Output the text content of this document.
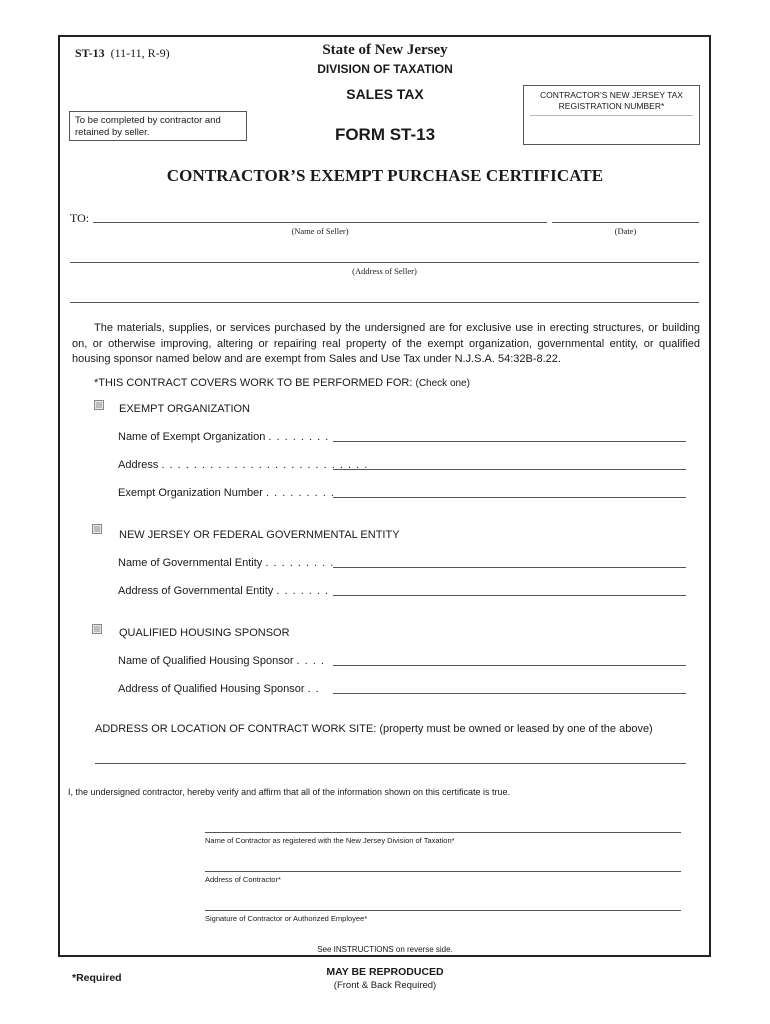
ST-13 (11-11, R-9)	State of New Jersey
DIVISION OF TAXATION
SALES TAX
FORM ST-13
CONTRACTOR’S NEW JERSEY TAX REGISTRATION NUMBER*
To be completed by contractor and retained by seller.
CONTRACTOR’S EXEMPT PURCHASE CERTIFICATE
TO:
(Name of Seller)	(Date)
(Address of Seller)
The materials, supplies, or services purchased by the undersigned are for exclusive use in erecting structures, or building on, or otherwise improving, altering or repairing real property of the exempt organization, governmental entity, or qualified housing sponsor named below and are exempt from Sales and Use Tax under N.J.S.A. 54:32B-8.22.
*THIS CONTRACT COVERS WORK TO BE PERFORMED FOR: (Check one)
EXEMPT ORGANIZATION
Name of Exempt Organization . . . . . . . .
Address . . . . . . . . . . . . . . . . . . . . . . . . . .
Exempt Organization Number . . . . . . . . .
NEW JERSEY OR FEDERAL GOVERNMENTAL ENTITY
Name of Governmental Entity . . . . . . . . .
Address of Governmental Entity . . . . . . .
QUALIFIED HOUSING SPONSOR
Name of Qualified Housing Sponsor . . . .
Address of Qualified Housing Sponsor . .
ADDRESS OR LOCATION OF CONTRACT WORK SITE: (property must be owned or leased by one of the above)
I, the undersigned contractor, hereby verify and affirm that all of the information shown on this certificate is true.
Name of Contractor as registered with the New Jersey Division of Taxation*
Address of Contractor*
Signature of Contractor or Authorized Employee*
See INSTRUCTIONS on reverse side.
*Required	MAY BE REPRODUCED
(Front & Back Required)
